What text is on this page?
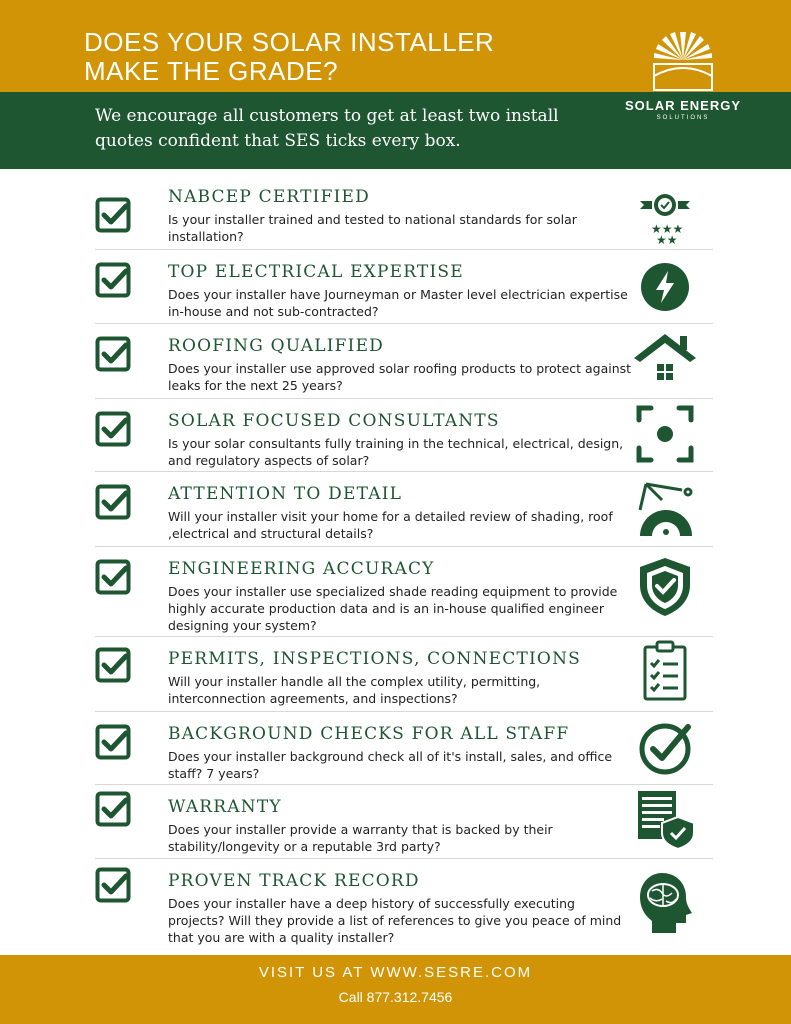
DOES YOUR SOLAR INSTALLER
MAKE THE GRADE?

We encourage all customers to get at least two install quotes confident that SES ticks every box.

SOLAR ENERGY
SOLUTIONS
NABCEP CERTIFIED

Is your installer trained and tested to national standards for solar installation?	★★★
★★
TOP ELECTRICAL EXPERTISE

Does your installer have Journeyman or Master level electrician expertise in-house and not sub-contracted?

ROOFING QUALIFIED

Does your installer use approved solar roofing products to protect against leaks for the next 25 years?

SOLAR FOCUSED CONSULTANTS

Is your solar consultants fully training in the technical, electrical, design, and regulatory aspects of solar?

ATTENTION TO DETAIL

Will your installer visit your home for a detailed review of shading, roof ,electrical and structural details?

ENGINEERING ACCURACY

Does your installer use specialized shade reading equipment to provide highly accurate production data and is an in-house qualified engineer designing your system?

PERMITS, INSPECTIONS, CONNECTIONS

Will your installer handle all the complex utility, permitting, interconnection agreements, and inspections?

BACKGROUND CHECKS FOR ALL STAFF

Does your installer background check all of it's install, sales, and office staff? 7 years?

WARRANTY

Does your installer provide a warranty that is backed by their stability/longevity or a reputable 3rd party?

PROVEN TRACK RECORD

Does your installer have a deep history of successfully executing projects? Will they provide a list of references to give you peace of mind that you are with a quality installer?

VISIT US AT WWW.SESRE.COM
Call 877.312.7456
